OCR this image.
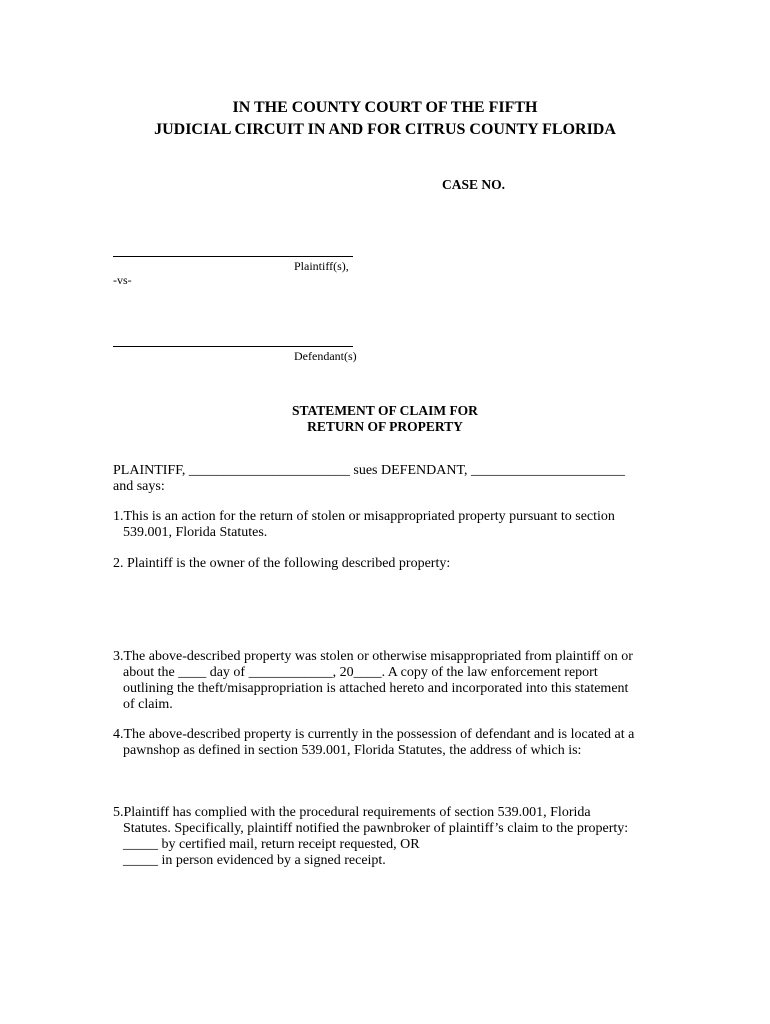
IN THE COUNTY COURT OF THE FIFTH
JUDICIAL CIRCUIT IN AND FOR CITRUS COUNTY FLORIDA
CASE NO.
Plaintiff(s),
-vs-
Defendant(s)
STATEMENT OF CLAIM FOR
RETURN OF PROPERTY
PLAINTIFF, _______________________ sues DEFENDANT, ______________________
and says:
1.This is an action for the return of stolen or misappropriated property pursuant to section
539.001, Florida Statutes.
2. Plaintiff is the owner of the following described property:
3.The above-described property was stolen or otherwise misappropriated from plaintiff on or
about the ____ day of ____________, 20____. A copy of the law enforcement report
outlining the theft/misappropriation is attached hereto and incorporated into this statement
of claim.
4.The above-described property is currently in the possession of defendant and is located at a
pawnshop as defined in section 539.001, Florida Statutes, the address of which is:
5.Plaintiff has complied with the procedural requirements of section 539.001, Florida
Statutes. Specifically, plaintiff notified the pawnbroker of plaintiff’s claim to the property:
_____ by certified mail, return receipt requested, OR
_____ in person evidenced by a signed receipt.
